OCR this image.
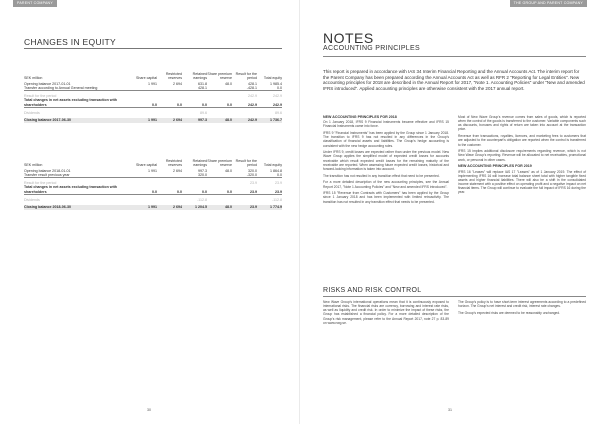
PARENT COMPANY
CHANGES IN EQUITY
SEK million	Share capital	Restricted reserves	Retained earnings	Share premium reserve	Result for the period	Total equity
Opening balance 2017-01-01	1 991	2 694	631.8	48.0	428.1	1 985.4
Transfer according to Annual General meeting			428.1		-428.1	0.0

Result for the period					242.9	242.9
Total changes in net assets excluding transaction with shareholders	0.0	0.0	0.0	0.0	242.9	242.9

Dividends			89.6			89.6

Closing balance 2017-06-30	1 991	2 694	997.3	48.0	242.9	1 736.7
SEK million	Share capital	Restricted reserves	Retained earnings	Share premium reserve	Result for the period	Total equity
Opening balance 2018-01-01	1 991	2 694	997.3	48.0	320.0	1 864.8
Transfer result previous year			320.0		-320.0	0.0

Result for the period					23.9	23.9
Total changes in net assets excluding transaction with shareholders	0.0	0.0	0.0	0.0	23.9	23.9

Dividends			-112.8			-112.8

Closing balance 2018-06-30	1 991	2 694	1 204.5	48.0	23.9	1 774.9
30
THE GROUP AND PARENT COMPANY
31
NOTES
ACCOUNTING PRINCIPLES
This report is prepared in accordance with IAS 34 Interim Financial Reporting and the Annual Accounts Act. The interim report for the Parent Company has been prepared according the Annual Accounts Act as well as RFR 2 "Reporting for Legal Entities". New accounting principles for 2018 are described in the Annual Report for 2017, "Note 1. Accounting Policies" under "New and amended IFRS introduced". Applied accounting principles are otherwise consistent with the 2017 annual report.
NEW ACCOUNTING PRINCIPLES FOR 2018

On 1 January 2018, IFRS 9 Financial Instruments became effective and IFRS 15 Financial Instruments came into force.

IFRS 9 "Financial Instruments" has been applied by the Group since 1 January 2018. The transition to IFRS 9 has not resulted in any differences in the Group's classification of financial assets and liabilities. The Group's hedge accounting is consistent with the new hedge accounting rules.

Under IFRS 9, credit losses are expected rather than under the previous model. New Wave Group applies the simplified model of expected credit losses for accounts receivable which result expected credit losses for the remaining maturity of the receivable are reported. When assessing future expected credit losses, historical and forward-looking information is taken into account.

The transition has not resulted in any transition effect that need to be presented.

For a more detailed description of the new accounting principles, see the Annual Report 2017, "Note 1 Accounting Policies" and "New and amended IFRS introduced".

IFRS 15 "Revenue from Contracts with Customers" has been applied by the Group since 1 January 2018 and has been implemented with limited retroactivity. The transition has not resulted in any transition effect that needs to be presented.

Most of New Wave Group's revenue comes from sales of goods, which is reported when the control of the goods is transferred to the customer. Variable components such as discounts, bonuses and rights of return are taken into account at the transaction price.

Revenue from transactions, royalties, licences, and marketing fees to customers that are adjusted to the counterpart's obligation are reported when the control is transferred to the customer.

IFRS 15 implies additional disclosure requirements regarding revenue, which is not New Wave Group's reporting. Revenue will be allocated to net receivables, promotional work, or personal in other cases.

NEW ACCOUNTING PRINCIPLES FOR 2019

IFRS 16 "Leases" will replace IAS 17 "Leases" as of 1 January 2019. The effect of implementing IFRS 16 will increase total balance sheet total with higher tangible fixed assets and higher financial liabilities. There will also be a shift in the consolidated income statement with a positive effect on operating profit and a negative impact on net financial items. The Group will continue to evaluate the full impact of IFRS 16 during the year.

RISKS AND RISK CONTROL

New Wave Group's international operations mean that it is continuously exposed to international risks. The financial risks are currency, borrowing and interest rate risks, as well as liquidity and credit risk. In order to minimize the impact of these risks, the Group has established a financial policy. For a more detailed description of the Group's risk management, please refer to the Annual Report 2017, note 27 p. 83-89 on www.nwg.se.

The Group's policy is to have short-term interest agreements according to a predefined horizon. The Group's net interest and credit risk, interest rate changes.

The Group's expected risks are deemed to be reasonably unchanged.
